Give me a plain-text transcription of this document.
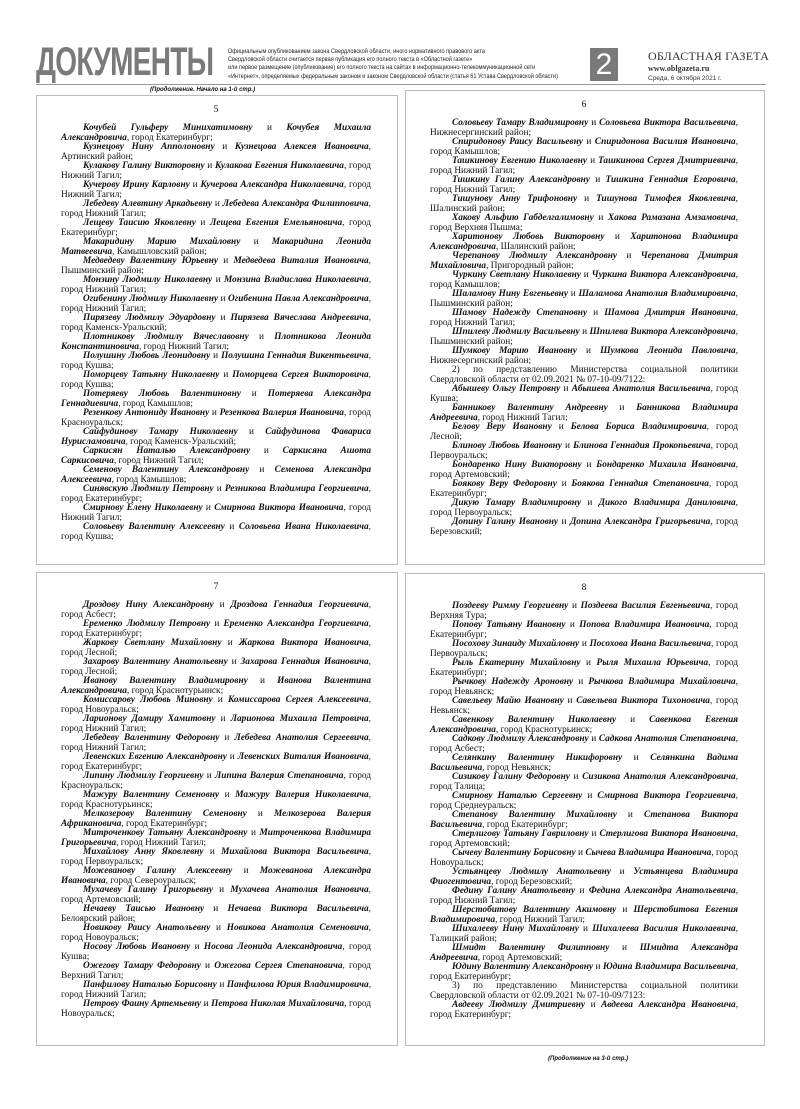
ДОКУМЕНТЫ Официальным опубликованием закона Свердловской области, иного нормативного правового акта
Свердловской области считается первая публикация его полного текста в «Областной газете»
или первое размещение (опубликование) его полного текста на сайтах в информационно-телекоммуникационной сети
«Интернет», определяемых федеральным законом и законом Свердловской области (статья 61 Устава Свердловской области) 2	ОБЛАСТНАЯ ГАЗЕТА
www.oblgazeta.ru
Среда, 6 октября 2021 г.
(Продолжение. Начало на 1-й стр.)
5

Кочубей Гульферу Минихатимовну и Кочубея Михаила Александровича, город Екатеринбург;

Кузнецову Нину Апполоновну и Кузнецова Алексея Ивановича, Артинский район;

Кулакову Галину Викторовну и Кулакова Евгения Николаевича, город Нижний Тагил;

Кучерову Ирину Карловну и Кучерова Александра Николаевича, город Нижний Тагил;

Лебедеву Алевтину Аркадьевну и Лебедева Александра Филипповича, город Нижний Тагил;

Лещеву Таисию Яковлевну и Лещева Евгения Емельяновича, город Екатеринбург;

Макаридину Марию Михайловну и Макаридина Леонида Матвеевича, Камышловский район;

Медведеву Валентину Юрьевну и Медведева Виталия Ивановича, Пышминский район;

Монзину Людмилу Николаевну и Монзина Владислава Николаевича, город Нижний Тагил;

Огибенину Людмилу Николаевну и Огибенина Павла Александровича, город Нижний Тагил;

Пирязеву Людмилу Эдуардовну и Пирязева Вячеслава Андреевича, город Каменск-Уральский;

Плотникову Людмилу Вячеславовну и Плотникова Леонида Константиновича, город Нижний Тагил;

Полушину Любовь Леонидовну и Полушина Геннадия Викентьевича, город Кушва;

Поморцеву Татьяну Николаевну и Поморцева Сергея Викторовича, город Кушва;

Потеряеву Любовь Валентиновну и Потеряева Александра Геннадиевича, город Камышлов;

Резенкову Антониду Ивановну и Резенкова Валерия Ивановича, город Красноуральск;

Сайфудинову Тамару Николаевну и Сайфудинова Фавариса Нурисламовича, город Каменск-Уральский;

Саркисян Наталью Александровну и Саркисяна Ашота Саркисовича, город Нижний Тагил;

Семенову Валентину Александровну и Семенова Александра Алексеевича, город Камышлов;

Синявскую Людмилу Петровну и Резникова Владимира Георгиевича, город Екатеринбург;

Смирнову Елену Николаевну и Смирнова Виктора Ивановича, город Нижний Тагил;

Соловьеву Валентину Алексеевну и Соловьева Ивана Николаевича, город Кушва;

6

Соловьеву Тамару Владимировну и Соловьева Виктора Васильевича, Нижнесергинский район;

Спиридонову Раису Васильевну и Спиридонова Василия Ивановича, город Камышлов;

Ташкинову Евгению Николаевну и Ташкинова Сергея Дмитриевича, город Нижний Тагил;

Тишкину Галину Александровну и Тишкина Геннадия Егоровича, город Нижний Тагил;

Тишунову Анну Трифоновну и Тишунова Тимофея Яковлевича, Шалинский район;

Хакову Альфию Габделгалимовну и Хакова Рамазана Амзамовича, город Верхняя Пышма;

Харитонову Любовь Викторовну и Харитонова Владимира Александровича, Шалинский район;

Черепанову Людмилу Александровну и Черепанова Дмитрия Михайловича, Пригородный район;

Чуркину Светлану Николаевну и Чуркина Виктора Александровича, город Камышлов;

Шаламову Нину Евгеньевну и Шаламова Анатолия Владимировича, Пышминский район;

Шамову Надежду Степановну и Шамова Дмитрия Ивановича, город Нижний Тагил;

Шпилеву Людмилу Васильевну и Шпилева Виктора Александровича, Пышминский район;

Шумкову Марию Ивановну и Шумкова Леонида Павловича, Нижнесергинский район;

2) по представлению Министерства социальной политики Свердловской области от 02.09.2021 № 07-10-09/7122:

Абышеву Ольгу Петровну и Абышева Анатолия Васильевича, город Кушва;

Банникову Валентину Андреевну и Банникова Владимира Андреевича, город Нижний Тагил;

Белову Веру Ивановну и Белова Бориса Владимировича, город Лесной;

Блинову Любовь Ивановну и Блинова Геннадия Прокопьевича, город Первоуральск;

Бондаренко Нину Викторовну и Бондаренко Михаила Ивановича, город Артемовский;

Боякову Веру Федоровну и Боякова Геннадия Степановича, город Екатеринбург;

Дикую Тамару Владимировну и Дикого Владимира Даниловича, город Первоуральск;

Допину Галину Ивановну и Допина Александра Григорьевича, город Березовский;

7

Дроздову Нину Александровну и Дроздова Геннадия Георгиевича, город Асбест;

Еременко Людмилу Петровну и Еременко Александра Георгиевича, город Екатеринбург;

Жаркову Светлану Михайловну и Жаркова Виктора Ивановича, город Лесной;

Захарову Валентину Анатольевну и Захарова Геннадия Ивановича, город Лесной;

Иванову Валентину Владимировну и Иванова Валентина Александровича, город Краснотурьинск;

Комиссарову Любовь Миновну и Комиссарова Сергея Алексеевича, город Новоуральск;

Ларионову Дамиру Хамитовну и Ларионова Михаила Петровича, город Нижний Тагил;

Лебедеву Валентину Федоровну и Лебедева Анатолия Сергеевича, город Нижний Тагил;

Левенских Евгению Александровну и Левенских Виталия Ивановича, город Екатеринбург;

Липину Людмилу Георгиевну и Липина Валерия Степановича, город Красноуральск;

Мажуру Валентину Семеновну и Мажуру Валерия Николаевича, город Краснотурьинск;

Мелкозерову Валентину Семеновну и Мелкозерова Валерия Африкановича, город Екатеринбург;

Митроченкову Татьяну Александровну и Митроченкова Владимира Григорьевича, город Нижний Тагил;

Михайлову Анну Яковлевну и Михайлова Виктора Васильевича, город Первоуральск;

Можеванову Галину Алексеевну и Можеванова Александра Ивановича, город Североуральск;

Мухачеву Галину Григорьевну и Мухачева Анатолия Ивановича, город Артемовский;

Нечаеву Таисью Ивановну и Нечаева Виктора Васильевича, Белоярский район;

Новикову Раису Анатольевну и Новикова Анатолия Семеновича, город Новоуральск;

Носову Любовь Ивановну и Носова Леонида Александровича, город Кушва;

Ожегову Тамару Федоровну и Ожегова Сергея Степановича, город Верхний Тагил;

Панфилову Наталью Борисовну и Панфилова Юрия Владимировича, город Нижний Тагил;

Петрову Фаину Артемьевну и Петрова Николая Михайловича, город Новоуральск;

8

Поздееву Римму Георгиевну и Поздеева Василия Евгеньевича, город Верхняя Тура;

Попову Татьяну Ивановну и Попова Владимира Ивановича, город Екатеринбург;

Посохову Зинаиду Михайловну и Посохова Ивана Васильевича, город Первоуральск;

Рыль Екатерину Михайловну и Рыля Михаила Юрьевича, город Екатеринбург;

Рычкову Надежду Ароновну и Рычкова Владимира Михайловича, город Невьянск;

Савельеву Майю Ивановну и Савельева Виктора Тихоновича, город Невьянск;

Савенкову Валентину Николаевну и Савенкова Евгения Александровича, город Краснотурьинск;

Садкову Людмилу Александровну и Садкова Анатолия Степановича, город Асбест;

Селянкину Валентину Никифоровну и Селянкина Вадима Васильевича, город Невьянск;

Сизикову Галину Федоровну и Сизикова Анатолия Александровича, город Талица;

Смирнову Наталью Сергеевну и Смирнова Виктора Георгиевича, город Среднеуральск;

Степанову Валентину Михайловну и Степанова Виктора Васильевича, город Екатеринбург;

Стерлигову Татьяну Гавриловну и Стерлигова Виктора Ивановича, город Артемовский;

Сычеву Валентину Борисовну и Сычева Владимира Ивановича, город Новоуральск;

Устьянцеву Людмилу Анатольевну и Устьянцева Владимира Фиогентовича, город Березовский;

Федину Галину Анатольевну и Федина Александра Анатольевича, город Нижний Тагил;

Шерстобитову Валентину Акимовну и Шерстобитова Евгения Владимировича, город Нижний Тагил;

Шихалееву Нину Михайловну и Шихалеева Василия Николаевича, Талицкий район;

Шмидт Валентину Филипповну и Шмидта Александра Андреевича, город Артемовский;

Юдину Валентину Александровну и Юдина Владимира Васильевича, город Екатеринбург;

3) по представлению Министерства социальной политики Свердловской области от 02.09.2021 № 07-10-09/7123:

Авдееву Людмилу Дмитриевну и Авдеева Александра Ивановича, город Екатеринбург;

(Продолжение на 3-й стр.)
